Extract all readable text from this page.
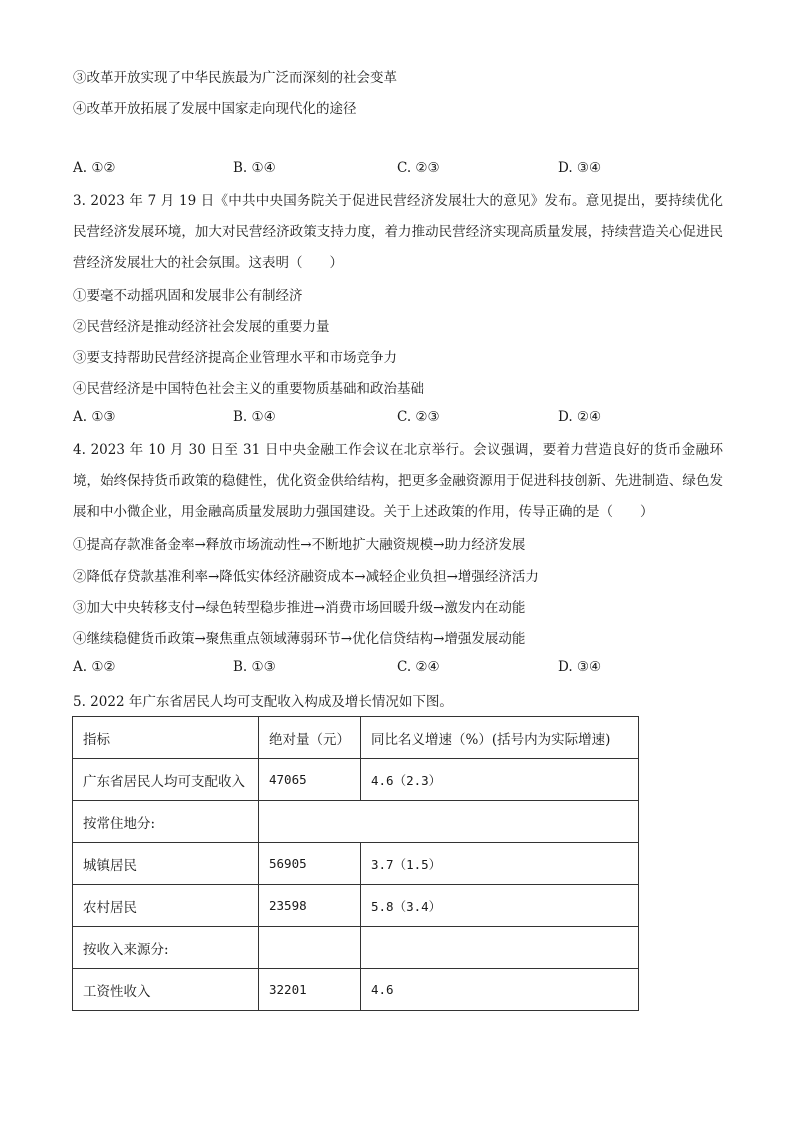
③改革开放实现了中华民族最为广泛而深刻的社会变革
④改革开放拓展了发展中国家走向现代化的途径
A. ①②	B. ①④	C. ②③	D. ③④
3. 2023 年 7 月 19 日《中共中央国务院关于促进民营经济发展壮大的意见》发布。意见提出，要持续优化民营经济发展环境，加大对民营经济政策支持力度，着力推动民营经济实现高质量发展，持续营造关心促进民营经济发展壮大的社会氛围。这表明（　　）
①要毫不动摇巩固和发展非公有制经济
②民营经济是推动经济社会发展的重要力量
③要支持帮助民营经济提高企业管理水平和市场竞争力
④民营经济是中国特色社会主义的重要物质基础和政治基础
A. ①③	B. ①④	C. ②③	D. ②④
4. 2023 年 10 月 30 日至 31 日中央金融工作会议在北京举行。会议强调，要着力营造良好的货币金融环境，始终保持货币政策的稳健性，优化资金供给结构，把更多金融资源用于促进科技创新、先进制造、绿色发展和中小微企业，用金融高质量发展助力强国建设。关于上述政策的作用，传导正确的是（　　）
①提高存款准备金率→释放市场流动性→不断地扩大融资规模→助力经济发展
②降低存贷款基准利率→降低实体经济融资成本→减轻企业负担→增强经济活力
③加大中央转移支付→绿色转型稳步推进→消费市场回暖升级→激发内在动能
④继续稳健货币政策→聚焦重点领域薄弱环节→优化信贷结构→增强发展动能
A. ①②	B. ①③	C. ②④	D. ③④
5. 2022 年广东省居民人均可支配收入构成及增长情况如下图。
指标	绝对量（元）	同比名义增速（%）(括号内为实际增速)
广东省居民人均可支配收入	47065	4.6（2.3）
按常住地分:		
城镇居民	56905	3.7（1.5）
农村居民	23598	5.8（3.4）
按收入来源分:		
工资性收入	32201	4.6
